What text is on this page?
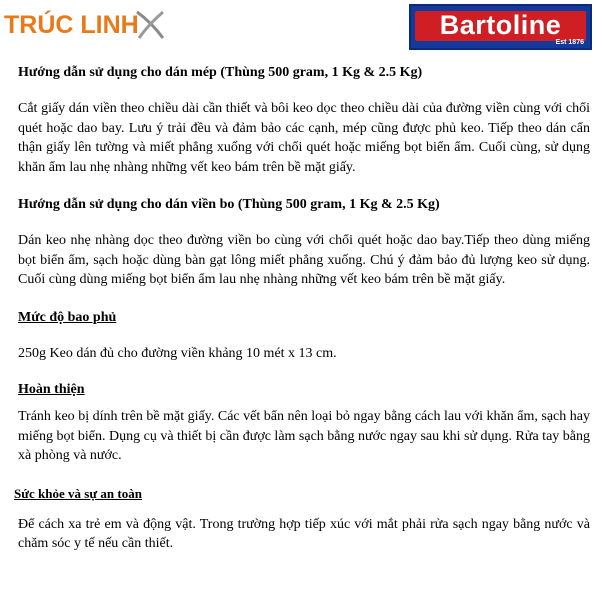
TRÚC LINH	Bartoline
Est 1876

Hướng dẫn sử dụng cho dán mép (Thùng 500 gram, 1 Kg & 2.5 Kg)

Cắt giấy dán viền theo chiều dài cần thiết và bôi keo dọc theo chiều dài của đường viền cùng với chổi quét hoặc dao bay. Lưu ý trải đều và đảm bảo các cạnh, mép cũng được phủ keo. Tiếp theo dán cẩn thận giấy lên tường và miết phẳng xuống với chổi quét hoặc miếng bọt biển ẩm. Cuối cùng, sử dụng khăn ẩm lau nhẹ nhàng những vết keo bám trên bề mặt giấy.

Hướng dẫn sử dụng cho dán viền bo (Thùng 500 gram, 1 Kg & 2.5 Kg)

Dán keo nhẹ nhàng dọc theo đường viền bo cùng với chổi quét hoặc dao bay.Tiếp theo dùng miếng bọt biển ẩm, sạch hoặc dùng bàn gạt lông miết phẳng xuống. Chú ý đảm bảo đủ lượng keo sử dụng. Cuối cùng dùng miếng bọt biển ẩm lau nhẹ nhàng những vết keo bám trên bề mặt giấy.

Mức độ bao phủ

250g Keo dán đủ cho đường viền khảng 10 mét x 13 cm.

Hoàn thiện

Tránh keo bị dính trên bề mặt giấy. Các vết bẩn nên loại bỏ ngay bằng cách lau với khăn ẩm, sạch hay miếng bọt biển. Dụng cụ và thiết bị cần được làm sạch bằng nước ngay sau khi sử dụng. Rửa tay bằng xà phòng và nước.

Sức khỏe và sự an toàn

Để cách xa trẻ em và động vật. Trong trường hợp tiếp xúc với mắt phải rửa sạch ngay bằng nước và chăm sóc y tế nếu cần thiết.
